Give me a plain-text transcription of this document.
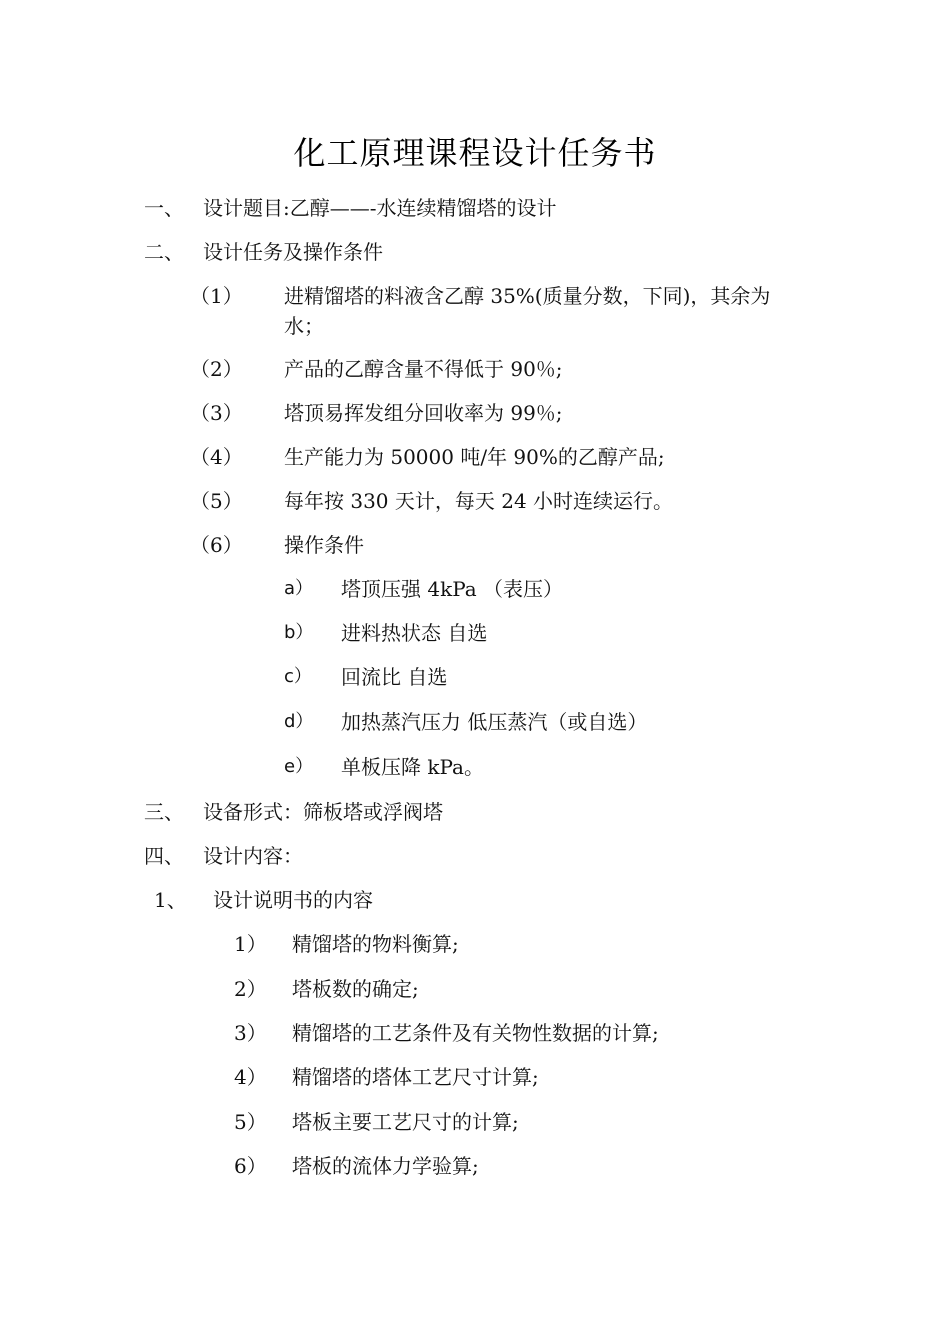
化工原理课程设计任务书
一、 设计题目:乙醇——-水连续精馏塔的设计
二、 设计任务及操作条件
（1） 进精馏塔的料液含乙醇 35%(质量分数，下同)，其余为水；
（2） 产品的乙醇含量不得低于 90％;
（3） 塔顶易挥发组分回收率为 99％;
（4） 生产能力为 50000 吨/年 90%的乙醇产品;
（5） 每年按 330 天计，每天 24 小时连续运行。
（6） 操作条件
a） 塔顶压强 4kPa （表压）
b） 进料热状态 自选
c） 回流比 自选
d） 加热蒸汽压力 低压蒸汽（或自选）
e） 单板压降 kPa。
三、 设备形式：筛板塔或浮阀塔
四、 设计内容：
1、 设计说明书的内容
1） 精馏塔的物料衡算;
2） 塔板数的确定;
3） 精馏塔的工艺条件及有关物性数据的计算;
4） 精馏塔的塔体工艺尺寸计算;
5） 塔板主要工艺尺寸的计算;
6） 塔板的流体力学验算;
